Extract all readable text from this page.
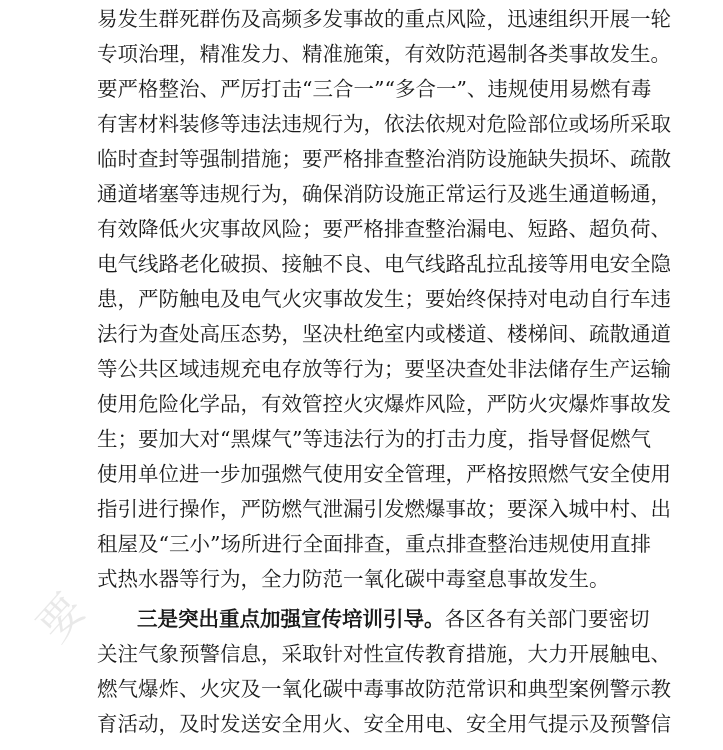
要
易发生群死群伤及高频多发事故的重点风险，迅速组织开展一轮
专项治理，精准发力、精准施策，有效防范遏制各类事故发生。
要严格整治、严厉打击“三合一”“多合一”、违规使用易燃有毒
有害材料装修等违法违规行为，依法依规对危险部位或场所采取
临时查封等强制措施；要严格排查整治消防设施缺失损坏、疏散
通道堵塞等违规行为，确保消防设施正常运行及逃生通道畅通，
有效降低火灾事故风险；要严格排查整治漏电、短路、超负荷、
电气线路老化破损、接触不良、电气线路乱拉乱接等用电安全隐
患，严防触电及电气火灾事故发生；要始终保持对电动自行车违
法行为查处高压态势，坚决杜绝室内或楼道、楼梯间、疏散通道
等公共区域违规充电存放等行为；要坚决查处非法储存生产运输
使用危险化学品，有效管控火灾爆炸风险，严防火灾爆炸事故发
生；要加大对“黑煤气”等违法行为的打击力度，指导督促燃气
使用单位进一步加强燃气使用安全管理，严格按照燃气安全使用
指引进行操作，严防燃气泄漏引发燃爆事故；要深入城中村、出
租屋及“三小”场所进行全面排查，重点排查整治违规使用直排
式热水器等行为，全力防范一氧化碳中毒窒息事故发生。
三是突出重点加强宣传培训引导。各区各有关部门要密切
关注气象预警信息，采取针对性宣传教育措施，大力开展触电、
燃气爆炸、火灾及一氧化碳中毒事故防范常识和典型案例警示教
育活动，及时发送安全用火、安全用电、安全用气提示及预警信
